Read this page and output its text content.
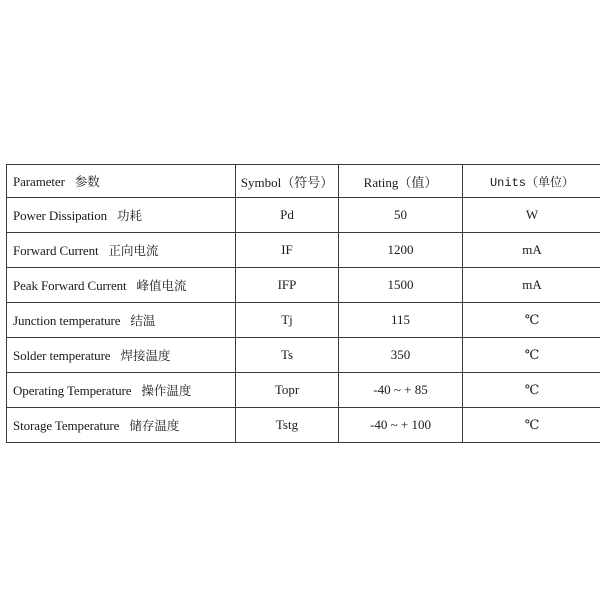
Parameter 参数	Symbol（符号）	Rating（值）	Units（单位）
Power Dissipation 功耗	Pd	50	W
Forward Current 正向电流	IF	1200	mA
Peak Forward Current 峰值电流	IFP	1500	mA
Junction temperature 结温	Tj	115	℃
Solder temperature 焊接温度	Ts	350	℃
Operating Temperature 操作温度	Topr	-40 ~ + 85	℃
Storage Temperature 储存温度	Tstg	-40 ~ + 100	℃
